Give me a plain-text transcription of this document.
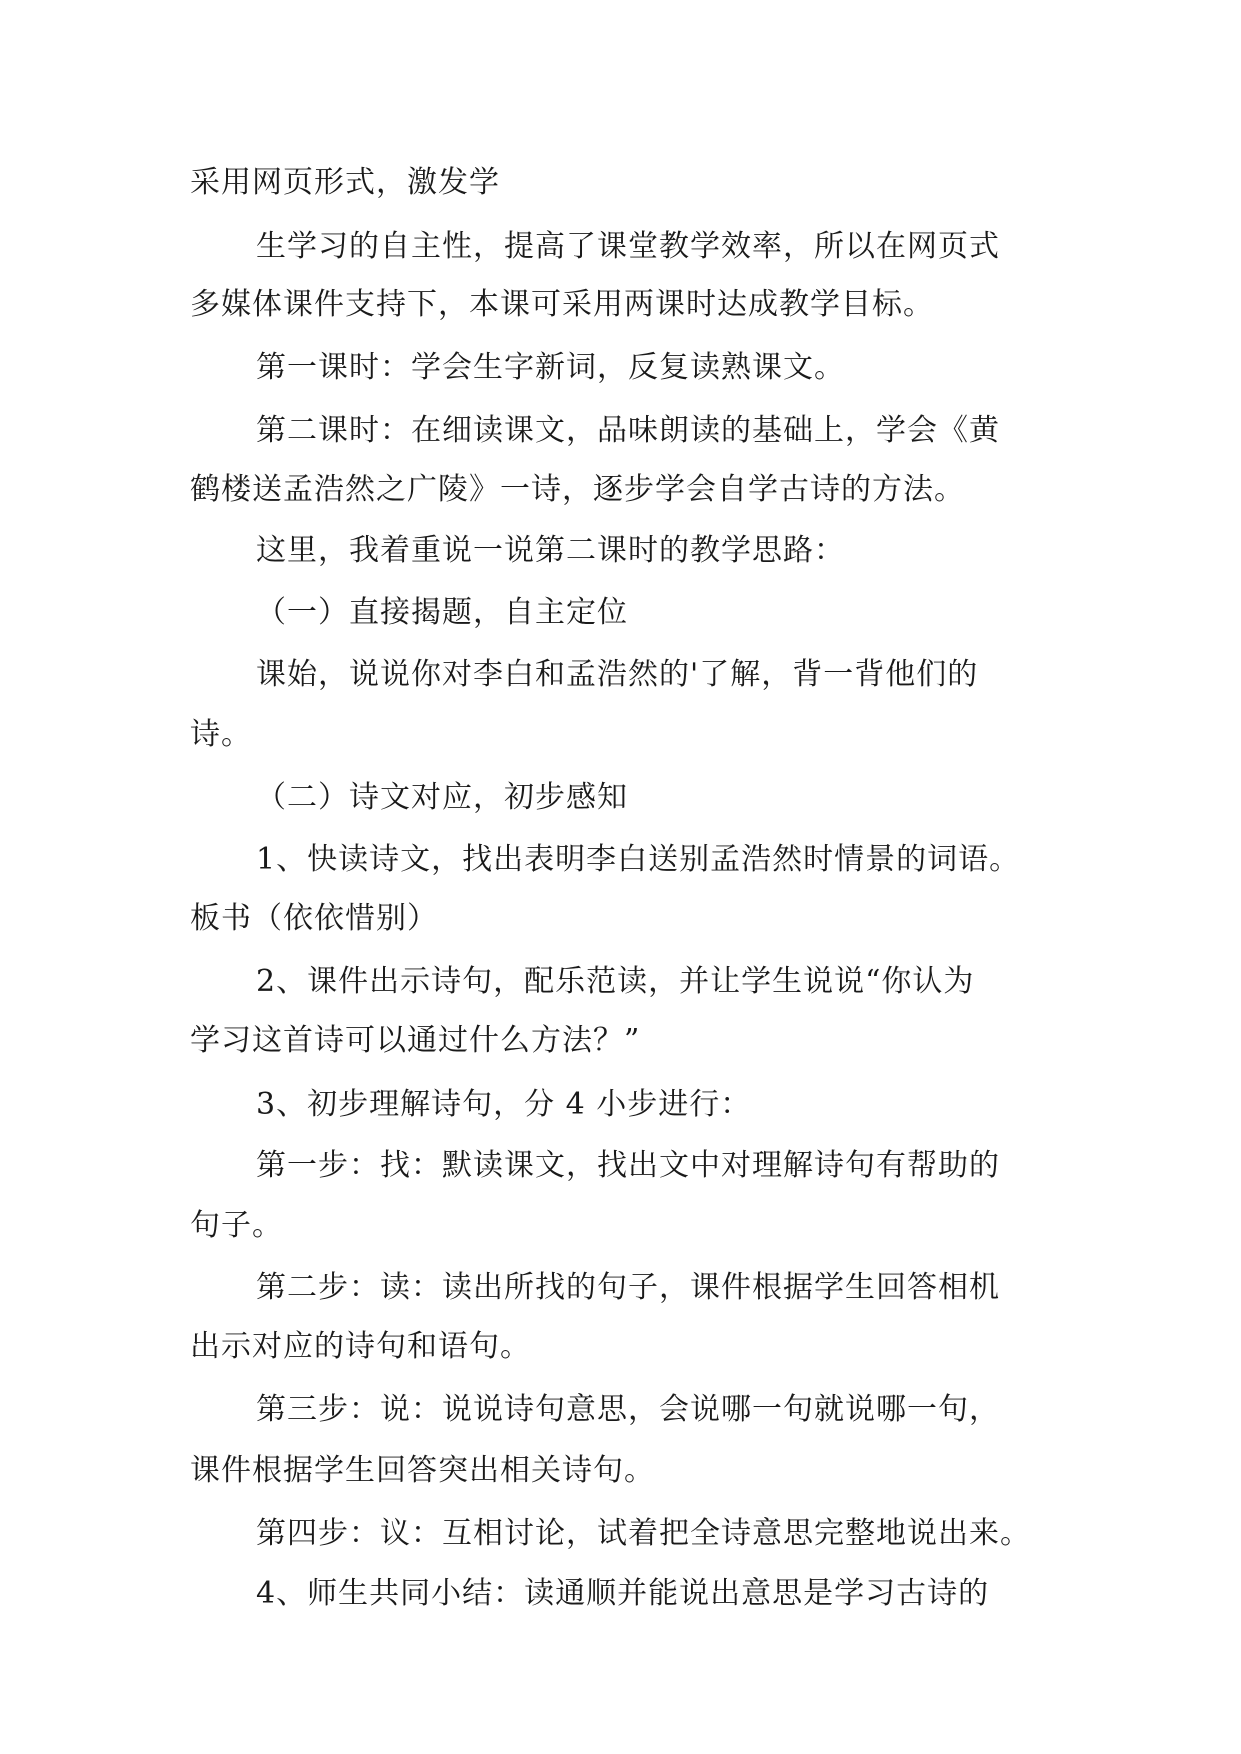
采用网页形式，激发学

生学习的自主性，提高了课堂教学效率，所以在网页式

多媒体课件支持下，本课可采用两课时达成教学目标。

第一课时：学会生字新词，反复读熟课文。

第二课时：在细读课文，品味朗读的基础上，学会《黄

鹤楼送孟浩然之广陵》一诗，逐步学会自学古诗的方法。

这里，我着重说一说第二课时的教学思路：

（一）直接揭题，自主定位

课始，说说你对李白和孟浩然的'了解，背一背他们的

诗。

（二）诗文对应，初步感知

1、快读诗文，找出表明李白送别孟浩然时情景的词语。

板书（依依惜别）

2、课件出示诗句，配乐范读，并让学生说说“你认为

学习这首诗可以通过什么方法？”

3、初步理解诗句，分 4 小步进行：

第一步：找：默读课文，找出文中对理解诗句有帮助的

句子。

第二步：读：读出所找的句子，课件根据学生回答相机

出示对应的诗句和语句。

第三步：说：说说诗句意思，会说哪一句就说哪一句，

课件根据学生回答突出相关诗句。

第四步：议：互相讨论，试着把全诗意思完整地说出来。

4、师生共同小结：读通顺并能说出意思是学习古诗的
